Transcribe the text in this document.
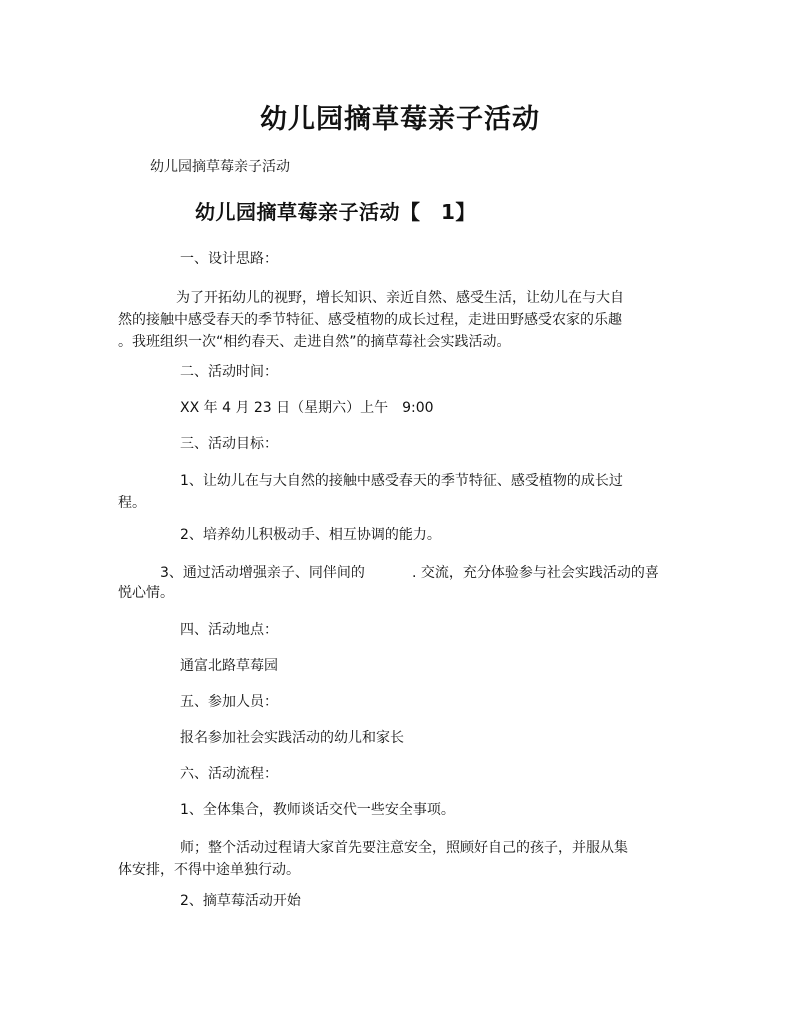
幼儿园摘草莓亲子活动

幼儿园摘草莓亲子活动

幼儿园摘草莓亲子活动【　1】

一、设计思路：

为了开拓幼儿的视野，增长知识、亲近自然、感受生活，让幼儿在与大自
然的接触中感受春天的季节特征、感受植物的成长过程，走进田野感受农家的乐趣
。我班组织一次“相约春天、走进自然”的摘草莓社会实践活动。

二、活动时间：

XX 年 4 月 23 日（星期六）上午　9:00

三、活动目标：

1、让幼儿在与大自然的接触中感受春天的季节特征、感受植物的成长过
程。

2、培养幼儿积极动手、相互协调的能力。

3、通过活动增强亲子、同伴间的	. 交流，充分体验参与社会实践活动的喜

悦心情。

四、活动地点：

通富北路草莓园

五、参加人员：

报名参加社会实践活动的幼儿和家长

六、活动流程：

1、全体集合，教师谈话交代一些安全事项。

师；整个活动过程请大家首先要注意安全，照顾好自己的孩子，并服从集
体安排，不得中途单独行动。

2、摘草莓活动开始
